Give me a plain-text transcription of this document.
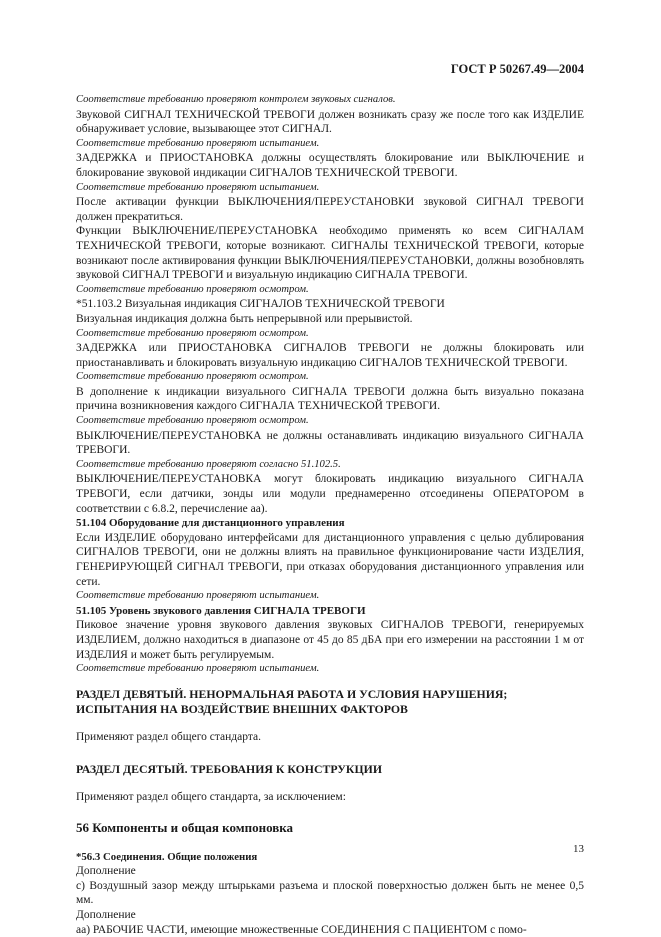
ГОСТ Р 50267.49—2004

Соответствие требованию проверяют контролем звуковых сигналов.

Звуковой СИГНАЛ ТЕХНИЧЕСКОЙ ТРЕВОГИ должен возникать сразу же после того как ИЗДЕЛИЕ обнаруживает условие, вызывающее этот СИГНАЛ.

Соответствие требованию проверяют испытанием.

ЗАДЕРЖКА и ПРИОСТАНОВКА должны осуществлять блокирование или ВЫКЛЮЧЕНИЕ и блокирование звуковой индикации СИГНАЛОВ ТЕХНИЧЕСКОЙ ТРЕВОГИ.

Соответствие требованию проверяют испытанием.

После активации функции ВЫКЛЮЧЕНИЯ/ПЕРЕУСТАНОВКИ звуковой СИГНАЛ ТРЕВОГИ должен прекратиться.

Функции ВЫКЛЮЧЕНИЕ/ПЕРЕУСТАНОВКА необходимо применять ко всем СИГНАЛАМ ТЕХНИЧЕСКОЙ ТРЕВОГИ, которые возникают. СИГНАЛЫ ТЕХНИЧЕСКОЙ ТРЕВОГИ, которые возникают после активирования функции ВЫКЛЮЧЕНИЯ/ПЕРЕУСТАНОВКИ, должны возобновлять звуковой СИГНАЛ ТРЕВОГИ и визуальную индикацию СИГНАЛА ТРЕВОГИ.

Соответствие требованию проверяют осмотром.

*51.103.2 Визуальная индикация СИГНАЛОВ ТЕХНИЧЕСКОЙ ТРЕВОГИ

Визуальная индикация должна быть непрерывной или прерывистой.

Соответствие требованию проверяют осмотром.

ЗАДЕРЖКА или ПРИОСТАНОВКА СИГНАЛОВ ТРЕВОГИ не должны блокировать или приостанавливать и блокировать визуальную индикацию СИГНАЛОВ ТЕХНИЧЕСКОЙ ТРЕВОГИ.

Соответствие требованию проверяют осмотром.

В дополнение к индикации визуального СИГНАЛА ТРЕВОГИ должна быть визуально показана причина возникновения каждого СИГНАЛА ТЕХНИЧЕСКОЙ ТРЕВОГИ.

Соответствие требованию проверяют осмотром.

ВЫКЛЮЧЕНИЕ/ПЕРЕУСТАНОВКА не должны останавливать индикацию визуального СИГНАЛА ТРЕВОГИ.

Соответствие требованию проверяют согласно 51.102.5.

ВЫКЛЮЧЕНИЕ/ПЕРЕУСТАНОВКА могут блокировать индикацию визуального СИГНАЛА ТРЕВОГИ, если датчики, зонды или модули преднамеренно отсоединены ОПЕРАТОРОМ в соответствии с 6.8.2, перечисление аа).

51.104 Оборудование для дистанционного управления

Если ИЗДЕЛИЕ оборудовано интерфейсами для дистанционного управления с целью дублирования СИГНАЛОВ ТРЕВОГИ, они не должны влиять на правильное функционирование части ИЗДЕЛИЯ, ГЕНЕРИРУЮЩЕЙ СИГНАЛ ТРЕВОГИ, при отказах оборудования дистанционного управления или сети.

Соответствие требованию проверяют испытанием.

51.105 Уровень звукового давления СИГНАЛА ТРЕВОГИ

Пиковое значение уровня звукового давления звуковых СИГНАЛОВ ТРЕВОГИ, генерируемых ИЗДЕЛИЕМ, должно находиться в диапазоне от 45 до 85 дБА при его измерении на расстоянии 1 м от ИЗДЕЛИЯ и может быть регулируемым.

Соответствие требованию проверяют испытанием.

РАЗДЕЛ ДЕВЯТЫЙ. НЕНОРМАЛЬНАЯ РАБОТА И УСЛОВИЯ НАРУШЕНИЯ; ИСПЫТАНИЯ НА ВОЗДЕЙСТВИЕ ВНЕШНИХ ФАКТОРОВ

Применяют раздел общего стандарта.

РАЗДЕЛ ДЕСЯТЫЙ. ТРЕБОВАНИЯ К КОНСТРУКЦИИ

Применяют раздел общего стандарта, за исключением:

56 Компоненты и общая компоновка

*56.3 Соединения. Общие положения

Дополнение

с) Воздушный зазор между штырьками разъема и плоской поверхностью должен быть не менее 0,5 мм.

Дополнение

аа) РАБОЧИЕ ЧАСТИ, имеющие множественные СОЕДИНЕНИЯ С ПАЦИЕНТОМ с помо-

13
